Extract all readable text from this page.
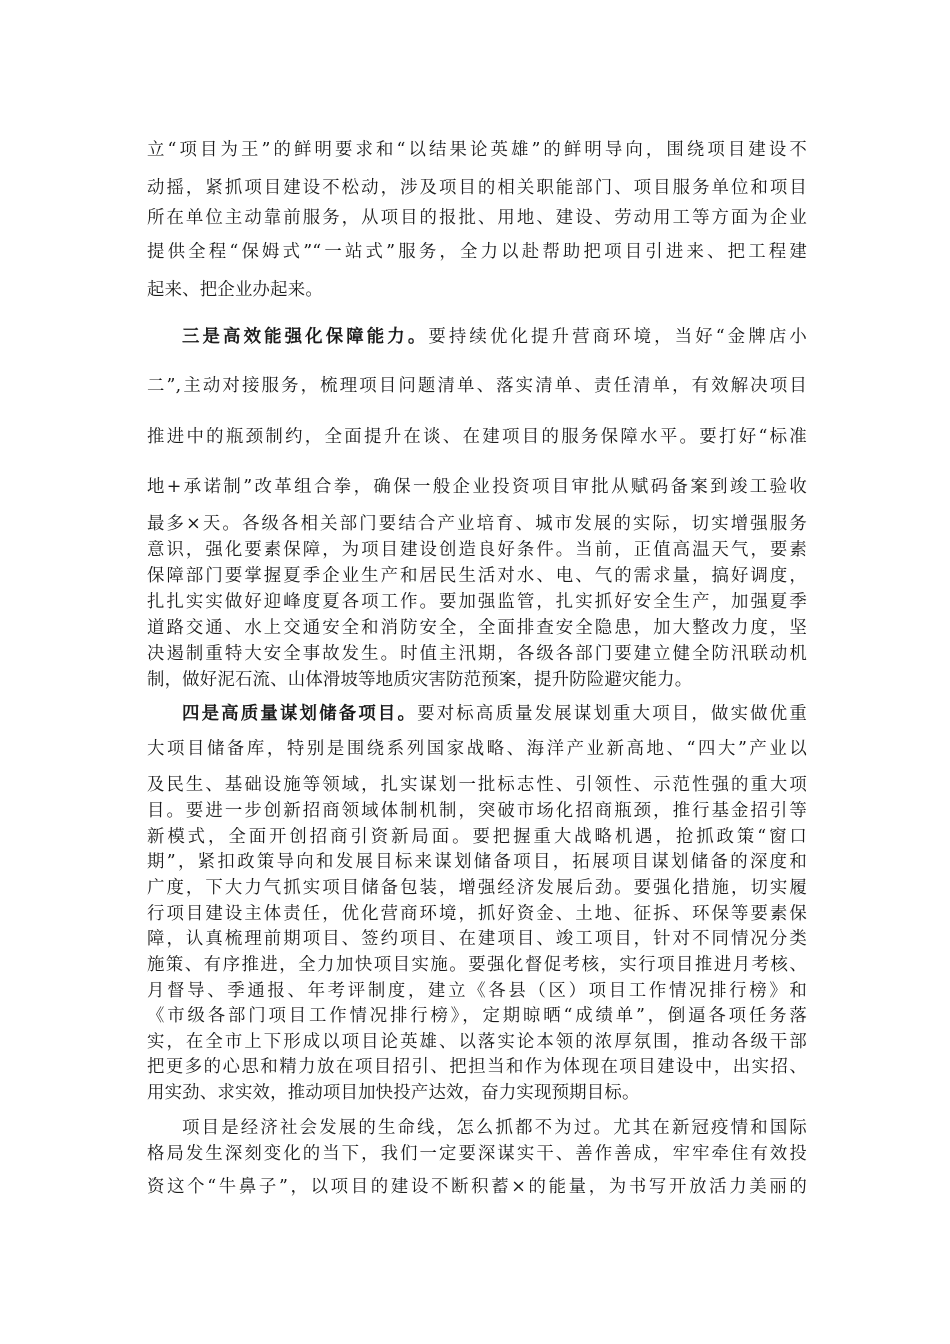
立“项目为王”的鲜明要求和“以结果论英雄”的鲜明导向，围绕项目建设不
动摇，紧抓项目建设不松动，涉及项目的相关职能部门、项目服务单位和项目
所在单位主动靠前服务，从项目的报批、用地、建设、劳动用工等方面为企业
提供全程“保姆式”“一站式”服务，全力以赴帮助把项目引进来、把工程建
起来、把企业办起来。
三是高效能强化保障能力。要持续优化提升营商环境，当好“金牌店小
二”,主动对接服务，梳理项目问题清单、落实清单、责任清单，有效解决项目
推进中的瓶颈制约，全面提升在谈、在建项目的服务保障水平。要打好“标准
地+承诺制”改革组合拳，确保一般企业投资项目审批从赋码备案到竣工验收
最多×天。各级各相关部门要结合产业培育、城市发展的实际，切实增强服务
意识，强化要素保障，为项目建设创造良好条件。当前，正值高温天气，要素
保障部门要掌握夏季企业生产和居民生活对水、电、气的需求量，搞好调度，
扎扎实实做好迎峰度夏各项工作。要加强监管，扎实抓好安全生产，加强夏季
道路交通、水上交通安全和消防安全，全面排查安全隐患，加大整改力度，坚
决遏制重特大安全事故发生。时值主汛期，各级各部门要建立健全防汛联动机
制，做好泥石流、山体滑坡等地质灾害防范预案，提升防险避灾能力。
四是高质量谋划储备项目。要对标高质量发展谋划重大项目，做实做优重
大项目储备库，特别是围绕系列国家战略、海洋产业新高地、“四大”产业以
及民生、基础设施等领域，扎实谋划一批标志性、引领性、示范性强的重大项
目。要进一步创新招商领域体制机制，突破市场化招商瓶颈，推行基金招引等
新模式，全面开创招商引资新局面。要把握重大战略机遇，抢抓政策“窗口
期”，紧扣政策导向和发展目标来谋划储备项目，拓展项目谋划储备的深度和
广度，下大力气抓实项目储备包装，增强经济发展后劲。要强化措施，切实履
行项目建设主体责任，优化营商环境，抓好资金、土地、征拆、环保等要素保
障，认真梳理前期项目、签约项目、在建项目、竣工项目，针对不同情况分类
施策、有序推进，全力加快项目实施。要强化督促考核，实行项目推进月考核、
月督导、季通报、年考评制度，建立《各县（区）项目工作情况排行榜》和
《市级各部门项目工作情况排行榜》，定期晾晒“成绩单”，倒逼各项任务落
实，在全市上下形成以项目论英雄、以落实论本领的浓厚氛围，推动各级干部
把更多的心思和精力放在项目招引、把担当和作为体现在项目建设中，出实招、
用实劲、求实效，推动项目加快投产达效，奋力实现预期目标。
项目是经济社会发展的生命线，怎么抓都不为过。尤其在新冠疫情和国际
格局发生深刻变化的当下，我们一定要深谋实干、善作善成，牢牢牵住有效投
资这个“牛鼻子”，以项目的建设不断积蓄×的能量，为书写开放活力美丽的
